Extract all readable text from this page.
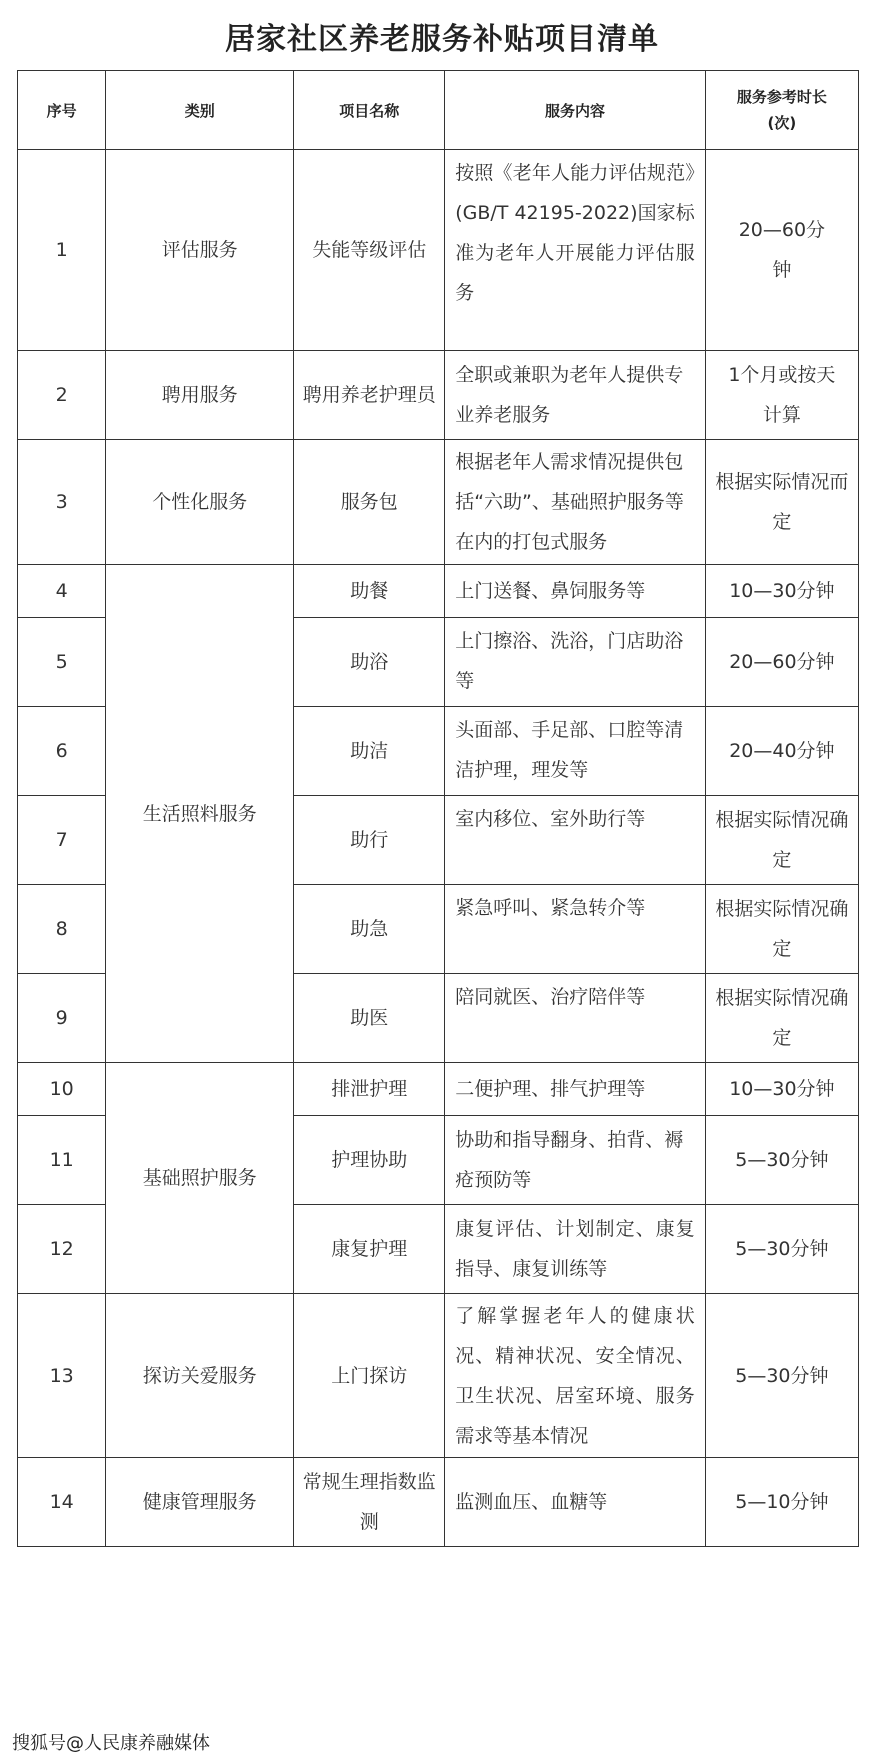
居家社区养老服务补贴项目清单
序号	类别	项目名称	服务内容	服务参考时长
(次)

1	评估服务	失能等级评估	按照《老年人能力评估规范》(GB/T 42195-2022)国家标准为老年人开展能力评估服务	20—60分钟
2	聘用服务	聘用养老护理员	全职或兼职为老年人提供专业养老服务	1个月或按天计算
3	个性化服务	服务包	根据老年人需求情况提供包括“六助”、基础照护服务等在内的打包式服务	根据实际情况而定
4	生活照料服务	助餐	上门送餐、鼻饲服务等	10—30分钟
5		助浴	上门擦浴、洗浴，门店助浴等	20—60分钟
6		助洁	头面部、手足部、口腔等清洁护理，理发等	20—40分钟
7		助行	室内移位、室外助行等	根据实际情况确定
8		助急	紧急呼叫、紧急转介等	根据实际情况确定
9		助医	陪同就医、治疗陪伴等	根据实际情况确定
10	基础照护服务	排泄护理	二便护理、排气护理等	10—30分钟
11		护理协助	协助和指导翻身、拍背、褥疮预防等	5—30分钟
12		康复护理	康复评估、计划制定、康复指导、康复训练等	5—30分钟
13	探访关爱服务	上门探访	了解掌握老年人的健康状况、精神状况、安全情况、卫生状况、居室环境、服务需求等基本情况	5—30分钟
14	健康管理服务	常规生理指数监测	监测血压、血糖等	5—10分钟
搜狐号@人民康养融媒体
